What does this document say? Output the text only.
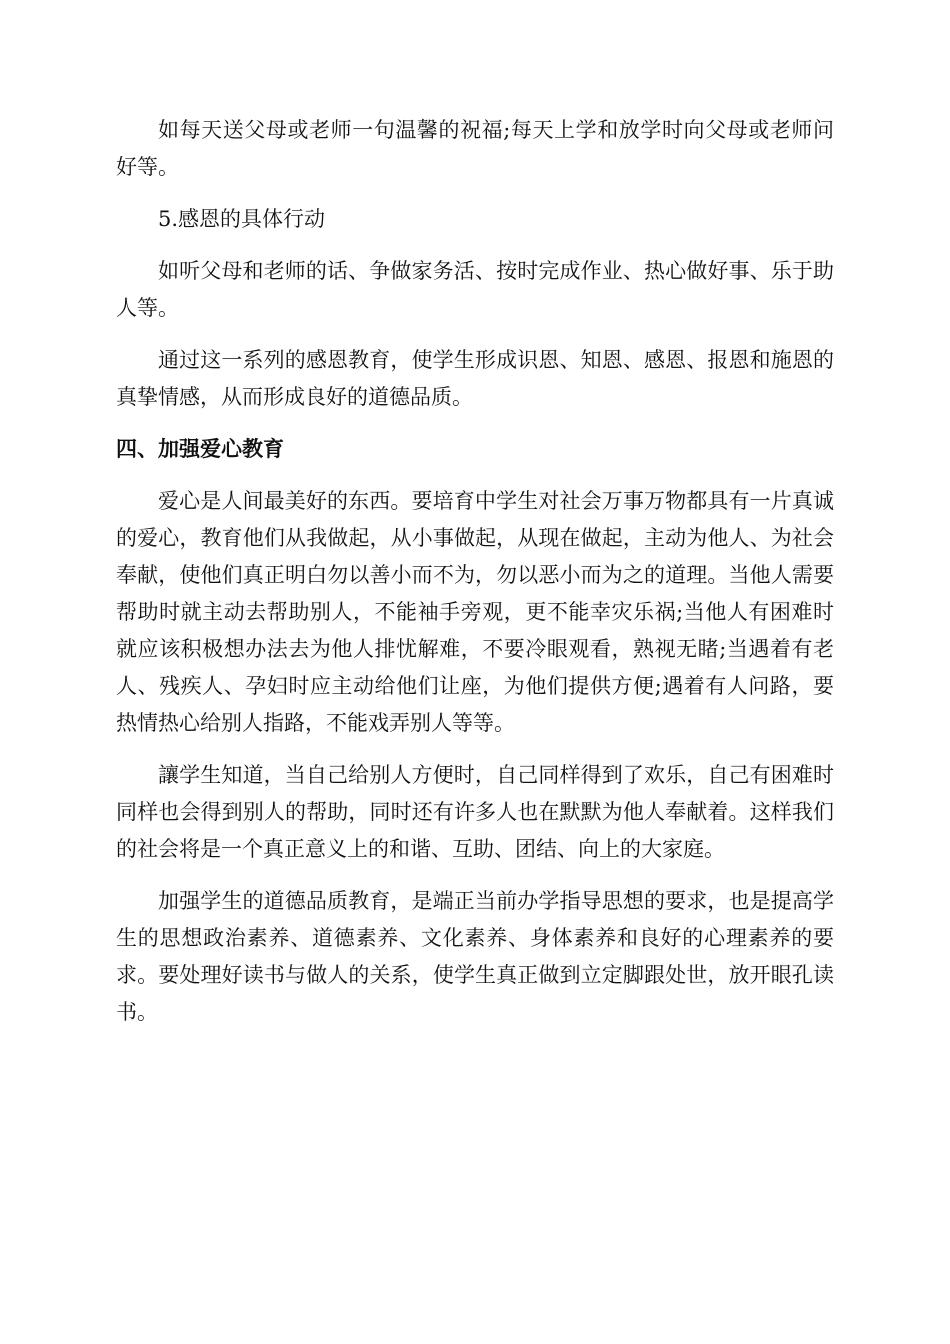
如每天送父母或老师一句温馨的祝福;每天上学和放学时向父母或老师问好等。

5.感恩的具体行动

如听父母和老师的话、争做家务活、按时完成作业、热心做好事、乐于助人等。

通过这一系列的感恩教育，使学生形成识恩、知恩、感恩、报恩和施恩的真挚情感，从而形成良好的道德品质。

四、加强爱心教育

爱心是人间最美好的东西。要培育中学生对社会万事万物都具有一片真诚的爱心，教育他们从我做起，从小事做起，从现在做起，主动为他人、为社会奉献，使他们真正明白勿以善小而不为，勿以恶小而为之的道理。当他人需要帮助时就主动去帮助别人，不能袖手旁观，更不能幸灾乐祸;当他人有困难时就应该积极想办法去为他人排忧解难，不要冷眼观看，熟视无睹;当遇着有老人、残疾人、孕妇时应主动给他们让座，为他们提供方便;遇着有人问路，要热情热心给别人指路，不能戏弄别人等等。

讓学生知道，当自己给别人方便时，自己同样得到了欢乐，自己有困难时同样也会得到别人的帮助，同时还有许多人也在默默为他人奉献着。这样我们的社会将是一个真正意义上的和谐、互助、团结、向上的大家庭。

加强学生的道德品质教育，是端正当前办学指导思想的要求，也是提高学生的思想政治素养、道德素养、文化素养、身体素养和良好的心理素养的要求。要处理好读书与做人的关系，使学生真正做到立定脚跟处世，放开眼孔读书。
